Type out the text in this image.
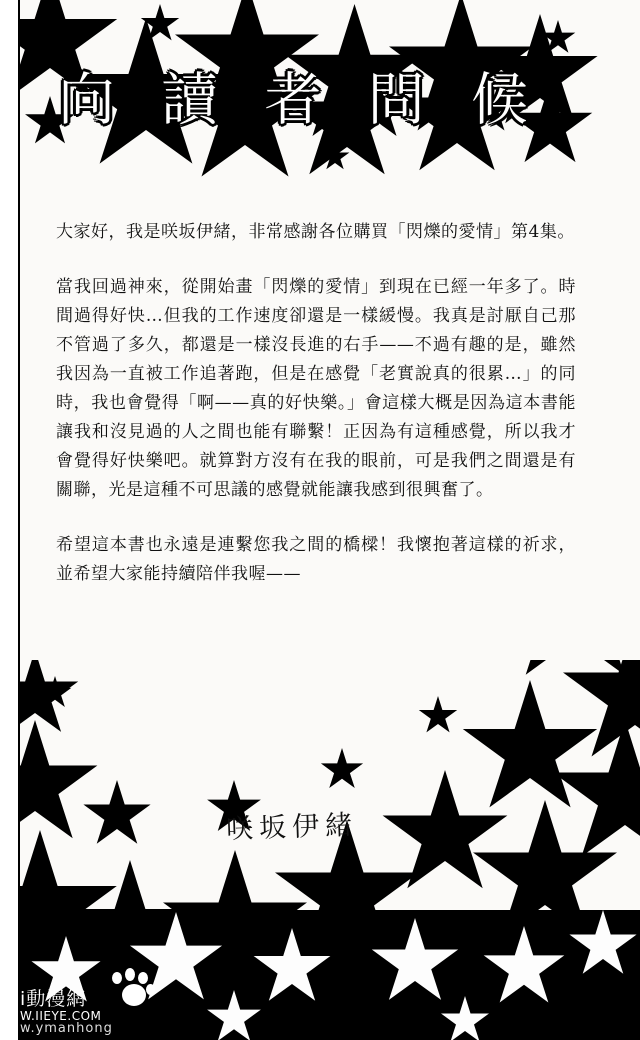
向 讀 者 問 候

大家好，我是咲坂伊緒，非常感謝各位購買「閃爍的愛情」第4集。

當我回過神來，從開始畫「閃爍的愛情」到現在已經一年多了。時間過得好快…但我的工作速度卻還是一樣緩慢。我真是討厭自己那不管過了多久，都還是一樣沒長進的右手——不過有趣的是，雖然我因為一直被工作追著跑，但是在感覺「老實說真的很累…」的同時，我也會覺得「啊——真的好快樂。」會這樣大概是因為這本書能讓我和沒見過的人之間也能有聯繫！正因為有這種感覺，所以我才會覺得好快樂吧。就算對方沒有在我的眼前，可是我們之間還是有關聯，光是這種不可思議的感覺就能讓我感到很興奮了。

希望這本書也永遠是連繫您我之間的橋樑！我懷抱著這樣的祈求，並希望大家能持續陪伴我喔——

咲坂伊緒
i動漫網
W.IIEYE.COM
w.ymanhong
